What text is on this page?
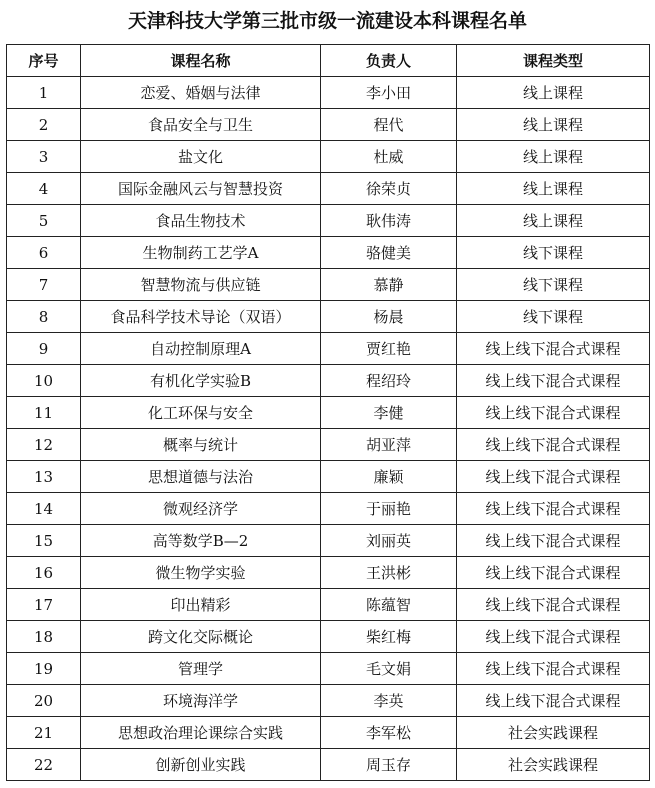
天津科技大学第三批市级一流建设本科课程名单
序号	课程名称	负责人	课程类型
1	恋爱、婚姻与法律	李小田	线上课程
2	食品安全与卫生	程代	线上课程
3	盐文化	杜威	线上课程
4	国际金融风云与智慧投资	徐荣贞	线上课程
5	食品生物技术	耿伟涛	线上课程
6	生物制药工艺学A	骆健美	线下课程
7	智慧物流与供应链	慕静	线下课程
8	食品科学技术导论（双语）	杨晨	线下课程
9	自动控制原理A	贾红艳	线上线下混合式课程
10	有机化学实验B	程绍玲	线上线下混合式课程
11	化工环保与安全	李健	线上线下混合式课程
12	概率与统计	胡亚萍	线上线下混合式课程
13	思想道德与法治	廉颖	线上线下混合式课程
14	微观经济学	于丽艳	线上线下混合式课程
15	高等数学B—2	刘丽英	线上线下混合式课程
16	微生物学实验	王洪彬	线上线下混合式课程
17	印出精彩	陈蕴智	线上线下混合式课程
18	跨文化交际概论	柴红梅	线上线下混合式课程
19	管理学	毛文娟	线上线下混合式课程
20	环境海洋学	李英	线上线下混合式课程
21	思想政治理论课综合实践	李军松	社会实践课程
22	创新创业实践	周玉存	社会实践课程
